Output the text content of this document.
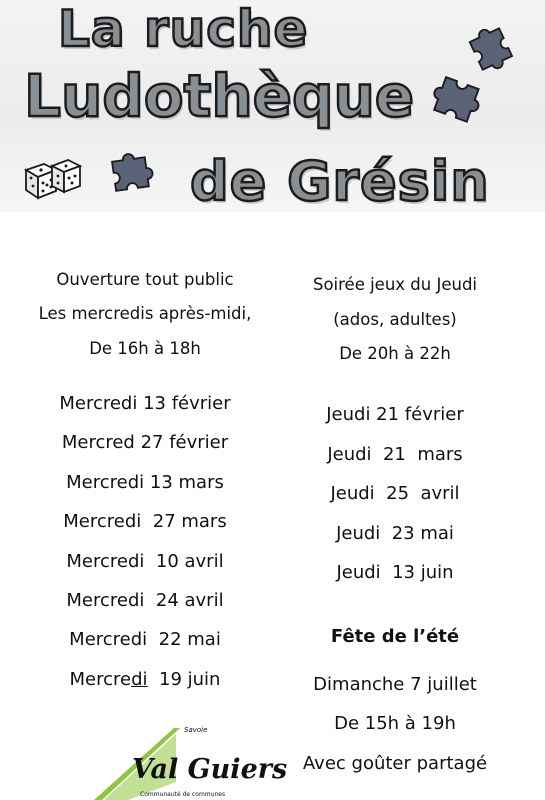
La ruche
Ludothèque
de Grésin
Ouverture tout public
Les mercredis après-midi,
De 16h à 18h
Mercredi 13 février
Mercred 27 février
Mercredi 13 mars
Mercredi  27 mars
Mercredi  10 avril
Mercredi  24 avril
Mercredi  22 mai
Mercredi  19 juin
Soirée jeux du Jeudi
(ados, adultes)
De 20h à 22h
Jeudi 21 février
Jeudi  21  mars
Jeudi  25  avril
Jeudi  23 mai
Jeudi  13 juin
Fête de l’été
Dimanche 7 juillet
De 15h à 19h
Avec goûter partagé
Savoie
Val Guiers
Communauté de communes
